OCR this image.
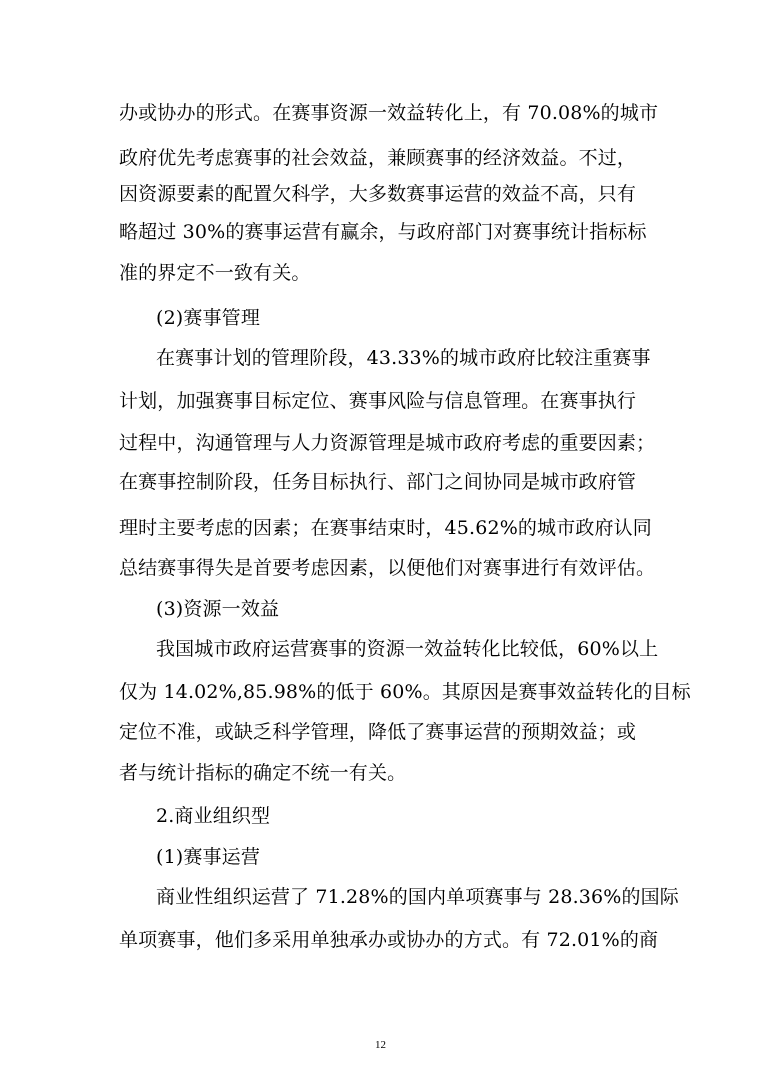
办或协办的形式。在赛事资源一效益转化上，有 70.08%的城市
政府优先考虑赛事的社会效益，兼顾赛事的经济效益。不过，
因资源要素的配置欠科学，大多数赛事运营的效益不高，只有
略超过 30%的赛事运营有赢余，与政府部门对赛事统计指标标
准的界定不一致有关。
(2)赛事管理
在赛事计划的管理阶段，43.33%的城市政府比较注重赛事
计划，加强赛事目标定位、赛事风险与信息管理。在赛事执行
过程中，沟通管理与人力资源管理是城市政府考虑的重要因素；
在赛事控制阶段，任务目标执行、部门之间协同是城市政府管
理时主要考虑的因素；在赛事结束时，45.62%的城市政府认同
总结赛事得失是首要考虑因素，以便他们对赛事进行有效评估。
(3)资源一效益
我国城市政府运营赛事的资源一效益转化比较低，60%以上
仅为 14.02%,85.98%的低于 60%。其原因是赛事效益转化的目标
定位不准，或缺乏科学管理，降低了赛事运营的预期效益；或
者与统计指标的确定不统一有关。
2.商业组织型
(1)赛事运营
商业性组织运营了 71.28%的国内单项赛事与 28.36%的国际
单项赛事，他们多采用单独承办或协办的方式。有 72.01%的商
12
